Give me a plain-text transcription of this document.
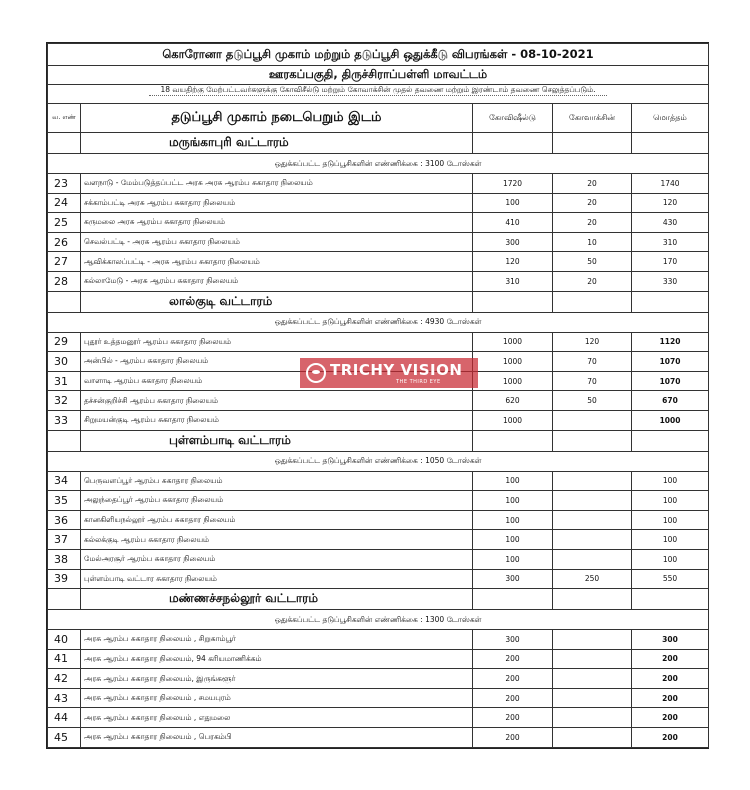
கொரோனா தடுப்பூசி முகாம் மற்றும் தடுப்பூசி ஒதுக்கீடு விபரங்கள் - 08-10-2021				
ஊரகப்பகுதி, திருச்சிராப்பள்ளி மாவட்டம்				
18 வயதிற்கு மேற்பட்டவர்களுக்கு கோவிசீல்டு மற்றும் கோவாக்சின் முதல் தவணை மற்றும் இரண்டாம் தவணை செலுத்தப்படும்.				

வ. எண்	தடுப்பூசி முகாம் நடைபெறும் இடம்	கோவிஷீல்டு	கோவாக்சின்	மொத்தம்
	மருங்காபுரி வட்டாரம்			
ஒதுக்கப்பட்ட தடுப்பூசிகளின் எண்ணிக்கை : 3100 டோஸ்கள்				
23	வளநாடு - மேம்படுத்தப்பட்ட அரசு அரசு ஆரம்ப சுகாதார நிலையம்	1720	20	1740
24	சக்காம்பட்டி அரசு ஆரம்ப சுகாதார நிலையம்	100	20	120
25	கருமலை அரசு ஆரம்ப சுகாதார நிலையம்	410	20	430
26	செவல்பட்டி - அரசு ஆரம்ப சுகாதார நிலையம்	300	10	310
27	ஆவிக்காலப்பட்டி - அரசு ஆரம்ப சுகாதார நிலையம்	120	50	170
28	கல்லாமேடு - அரசு ஆரம்ப சுகாதார நிலையம்	310	20	330
	லால்குடி வட்டாரம்			
ஒதுக்கப்பட்ட தடுப்பூசிகளின் எண்ணிக்கை : 4930 டோஸ்கள்				
29	புதூர் உத்தமனூர் ஆரம்ப சுகாதார நிலையம்	1000	120	1120
30	அன்பில் - ஆரம்ப சுகாதார நிலையம்	1000	70	1070
31	வாளாடி ஆரம்ப சுகாதார நிலையம்	1000	70	1070
32	தச்சன்குறிச்சி ஆரம்ப சுகாதார நிலையம்	620	50	670
33	சிறுமயன்குடி ஆரம்ப சுகாதார நிலையம்	1000		1000
	புள்ளம்பாடி வட்டாரம்			
ஒதுக்கப்பட்ட தடுப்பூசிகளின் எண்ணிக்கை : 1050 டோஸ்கள்				
34	பெருவளப்பூர் ஆரம்ப சுகாதார நிலையம்	100		100
35	அலுந்தைப்பூர் ஆரம்ப சுகாதார நிலையம்	100		100
36	கானகிளியநல்லூர் ஆரம்ப சுகாதார நிலையம்	100		100
37	கல்லக்குடி ஆரம்ப சுகாதார நிலையம்	100		100
38	மேல்அரசூர் ஆரம்ப சுகாதார நிலையம்	100		100
39	புள்ளம்பாடி வட்டார சுகாதார நிலையம்	300	250	550
	மண்ணச்சநல்லூர் வட்டாரம்			
ஒதுக்கப்பட்ட தடுப்பூசிகளின் எண்ணிக்கை : 1300 டோஸ்கள்				
40	அரசு ஆரம்ப சுகாதார நிலையம் , சிறுகாம்பூர்	300		300
41	அரசு ஆரம்ப சுகாதார நிலையம், 94 கரியமாணிக்கம்	200		200
42	அரசு ஆரம்ப சுகாதார நிலையம், இருங்களூர்	200		200
43	அரசு ஆரம்ப சுகாதார நிலையம் , சமயபுரம்	200		200
44	அரசு ஆரம்ப சுகாதார நிலையம் , எதுமலை	200		200
45	அரசு ஆரம்ப சுகாதார நிலையம் , பெரகம்பி	200		200
TRICHY VISION
THE THIRD EYE
